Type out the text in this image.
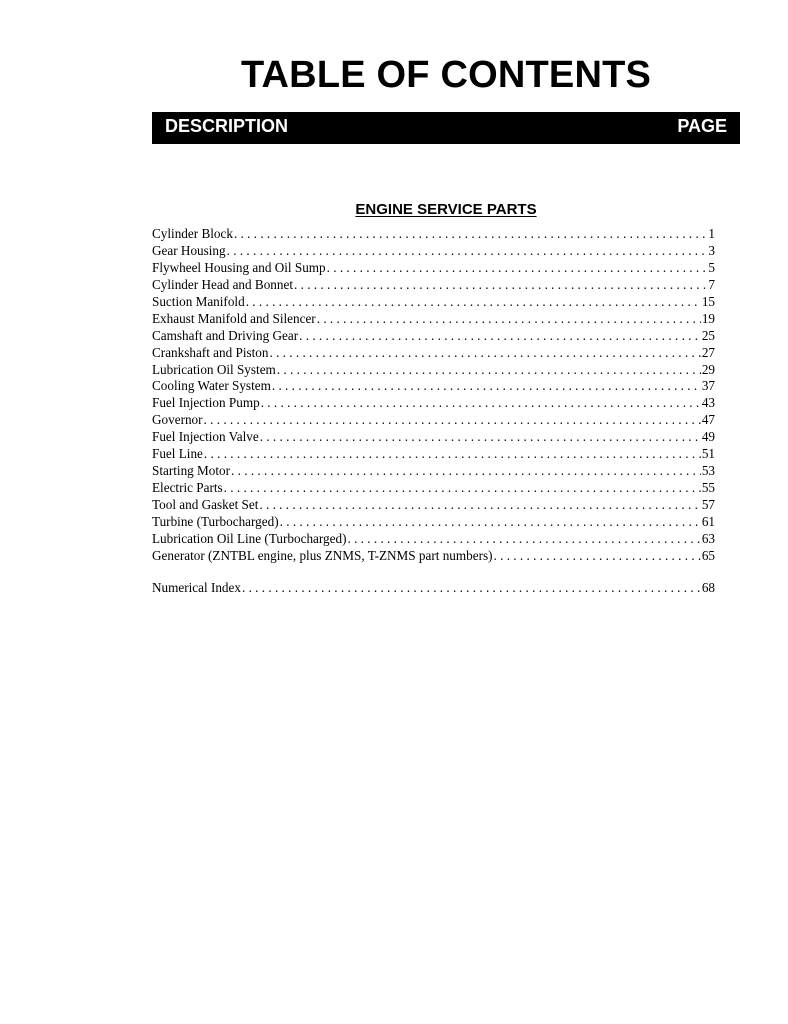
TABLE OF CONTENTS
DESCRIPTION	PAGE
ENGINE SERVICE PARTS
Cylinder Block . . .	1
Gear Housing . . .	3
Flywheel Housing and Oil Sump . . .	5
Cylinder Head and Bonnet . . .	7
Suction Manifold . . .	15
Exhaust Manifold and Silencer . . .	19
Camshaft and Driving Gear . . .	25
Crankshaft and Piston . . .	27
Lubrication Oil System . . .	29
Cooling Water System . . .	37
Fuel Injection Pump . . .	43
Governor . . .	47
Fuel Injection Valve . . .	49
Fuel Line . . .	51
Starting Motor . . .	53
Electric Parts . . .	55
Tool and Gasket Set . . .	57
Turbine (Turbocharged) . . .	61
Lubrication Oil Line (Turbocharged) . . .	63
Generator (ZNTBL engine, plus ZNMS, T-ZNMS part numbers) . . .	65
Numerical Index . . .	68
